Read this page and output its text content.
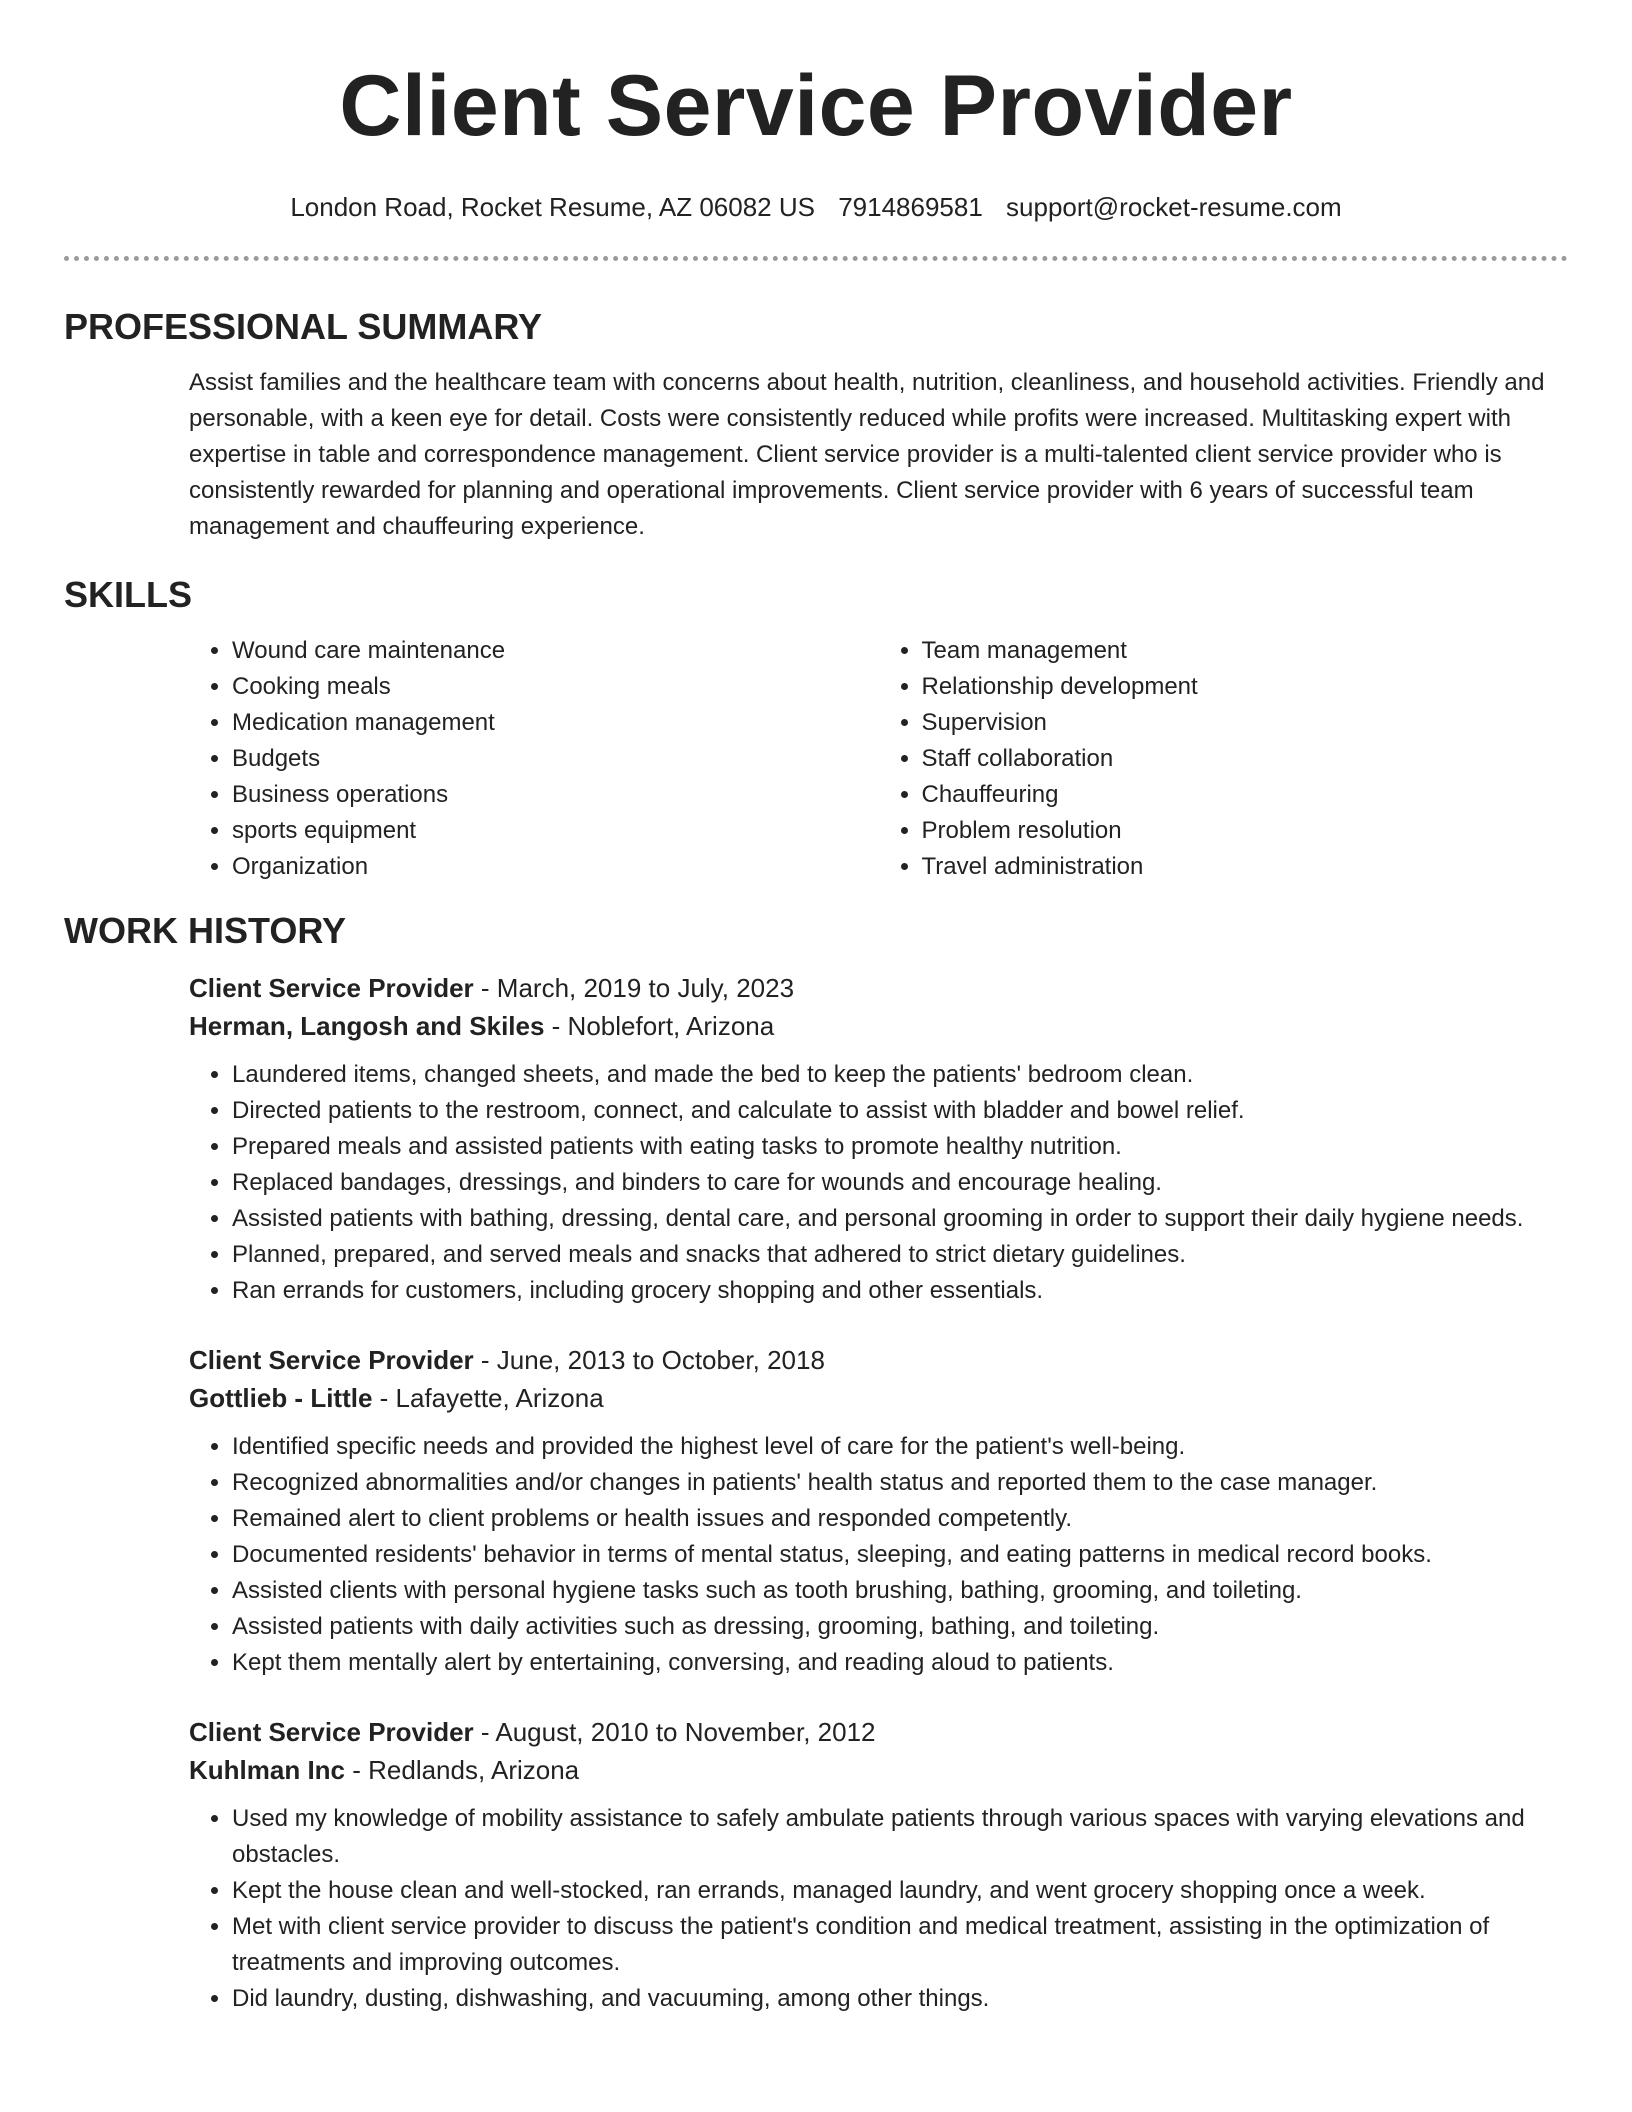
Client Service Provider
London Road, Rocket Resume, AZ 06082 US 7914869581 support@rocket-resume.com
PROFESSIONAL SUMMARY

Assist families and the healthcare team with concerns about health, nutrition, cleanliness, and household activities. Friendly and personable, with a keen eye for detail. Costs were consistently reduced while profits were increased. Multitasking expert with expertise in table and correspondence management. Client service provider is a multi-talented client service provider who is consistently rewarded for planning and operational improvements. Client service provider with 6 years of successful team management and chauffeuring experience.

SKILLS
• Wound care maintenance
• Cooking meals
• Medication management
• Budgets
• Business operations
• sports equipment
• Organization
• Team management
• Relationship development
• Supervision
• Staff collaboration
• Chauffeuring
• Problem resolution
• Travel administration
WORK HISTORY
Client Service Provider - March, 2019 to July, 2023
Herman, Langosh and Skiles - Noblefort, Arizona
• Laundered items, changed sheets, and made the bed to keep the patients' bedroom clean.
• Directed patients to the restroom, connect, and calculate to assist with bladder and bowel relief.
• Prepared meals and assisted patients with eating tasks to promote healthy nutrition.
• Replaced bandages, dressings, and binders to care for wounds and encourage healing.
• Assisted patients with bathing, dressing, dental care, and personal grooming in order to support their daily hygiene needs.
• Planned, prepared, and served meals and snacks that adhered to strict dietary guidelines.
• Ran errands for customers, including grocery shopping and other essentials.
Client Service Provider - June, 2013 to October, 2018
Gottlieb - Little - Lafayette, Arizona
• Identified specific needs and provided the highest level of care for the patient's well-being.
• Recognized abnormalities and/or changes in patients' health status and reported them to the case manager.
• Remained alert to client problems or health issues and responded competently.
• Documented residents' behavior in terms of mental status, sleeping, and eating patterns in medical record books.
• Assisted clients with personal hygiene tasks such as tooth brushing, bathing, grooming, and toileting.
• Assisted patients with daily activities such as dressing, grooming, bathing, and toileting.
• Kept them mentally alert by entertaining, conversing, and reading aloud to patients.
Client Service Provider - August, 2010 to November, 2012
Kuhlman Inc - Redlands, Arizona
• Used my knowledge of mobility assistance to safely ambulate patients through various spaces with varying elevations and obstacles.
• Kept the house clean and well-stocked, ran errands, managed laundry, and went grocery shopping once a week.
• Met with client service provider to discuss the patient's condition and medical treatment, assisting in the optimization of treatments and improving outcomes.
• Did laundry, dusting, dishwashing, and vacuuming, among other things.
